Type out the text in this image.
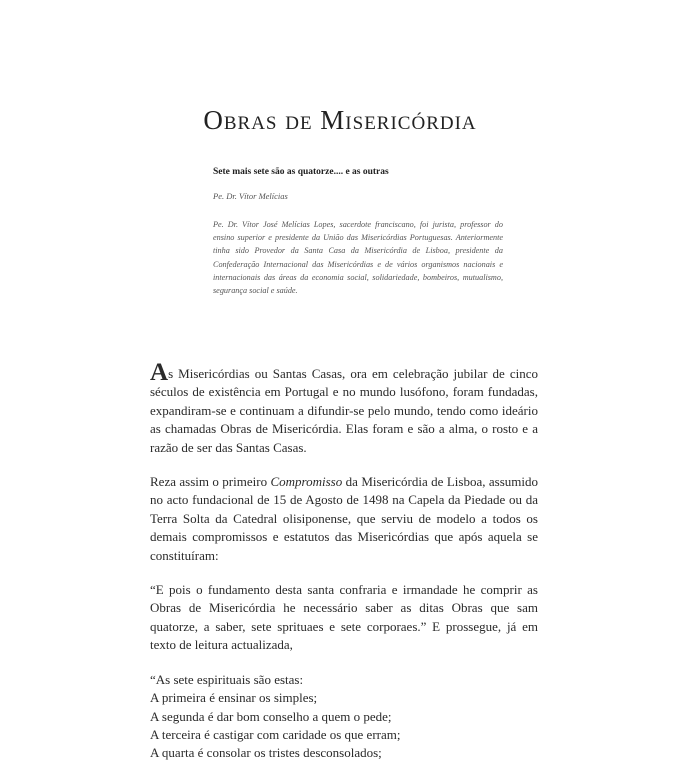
Obras de Misericórdia

Sete mais sete são as quatorze.... e as outras

Pe. Dr. Vítor Melícias

Pe. Dr. Vítor José Melícias Lopes, sacerdote franciscano, foi jurista, professor do ensino superior e presidente da União das Misericórdias Portuguesas. Anteriormente tinha sido Provedor da Santa Casa da Misericórdia de Lisboa, presidente da Confederação Internacional das Misericórdias e de vários organismos nacionais e internacionais das áreas da economia social, solidariedade, bombeiros, mutualismo, segurança social e saúde.

As Misericórdias ou Santas Casas, ora em celebração jubilar de cinco séculos de existência em Portugal e no mundo lusófono, foram fundadas, expandiram-se e continuam a difundir-se pelo mundo, tendo como ideário as chamadas Obras de Misericórdia. Elas foram e são a alma, o rosto e a razão de ser das Santas Casas.

Reza assim o primeiro Compromisso da Misericórdia de Lisboa, assumido no acto fundacional de 15 de Agosto de 1498 na Capela da Piedade ou da Terra Solta da Catedral olisiponense, que serviu de modelo a todos os demais compromissos e estatutos das Misericórdias que após aquela se constituíram:

“E pois o fundamento desta santa confraria e irmandade he comprir as Obras de Misericórdia he necessário saber as ditas Obras que sam quatorze, a saber, sete sprituaes e sete corporaes.” E prossegue, já em texto de leitura actualizada,

“As sete espirituais são estas:
A primeira é ensinar os simples;
A segunda é dar bom conselho a quem o pede;
A terceira é castigar com caridade os que erram;
A quarta é consolar os tristes desconsolados;
